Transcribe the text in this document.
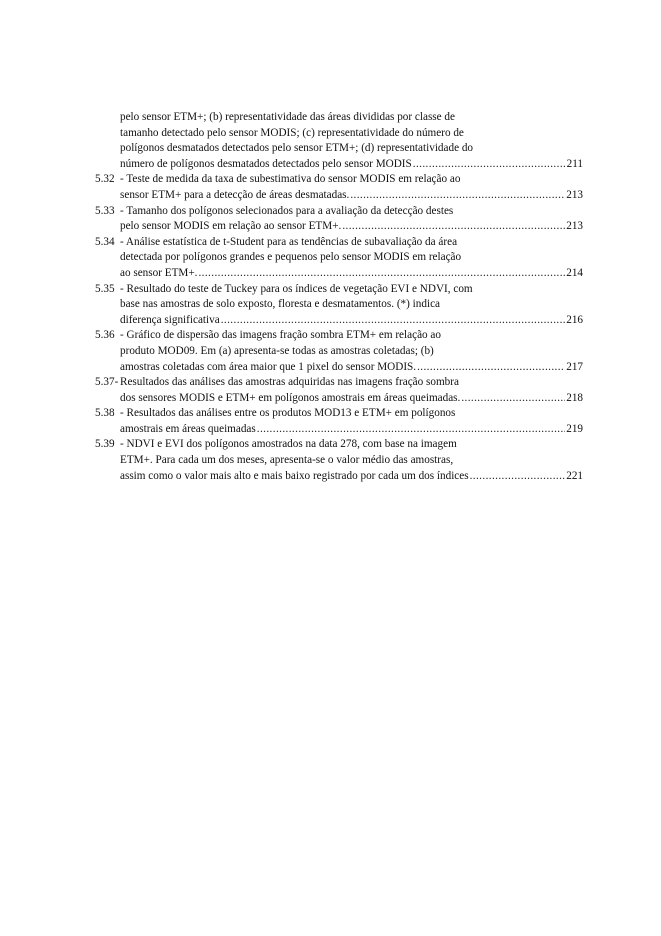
pelo sensor ETM+; (b) representatividade das áreas divididas por classe de
tamanho detectado pelo sensor MODIS; (c) representatividade do número de
polígonos desmatados detectados pelo sensor ETM+; (d) representatividade do
número de polígonos desmatados detectados pelo sensor MODIS .....	211
5.32 - Teste de medida da taxa de subestimativa do sensor MODIS em relação ao
sensor ETM+ para a detecção de áreas desmatadas. .....	213
5.33 - Tamanho dos polígonos selecionados para a avaliação da detecção destes
pelo sensor MODIS em relação ao sensor ETM+. .....	213
5.34 - Análise estatística de t-Student para as tendências de subavaliação da área
detectada por polígonos grandes e pequenos pelo sensor MODIS em relação
ao sensor ETM+. .....	214
5.35 - Resultado do teste de Tuckey para os índices de vegetação EVI e NDVI, com
base nas amostras de solo exposto, floresta e desmatamentos. (*) indica
diferença significativa .....	216
5.36 - Gráfico de dispersão das imagens fração sombra ETM+ em relação ao
produto MOD09. Em (a) apresenta-se todas as amostras coletadas; (b)
amostras coletadas com área maior que 1 pixel do sensor MODIS. .....	217
5.37- Resultados das análises das amostras adquiridas nas imagens fração sombra
dos sensores MODIS e ETM+ em polígonos amostrais em áreas queimadas. .....	218
5.38 - Resultados das análises entre os produtos MOD13 e ETM+ em polígonos
amostrais em áreas queimadas .....	219
5.39 - NDVI e EVI dos polígonos amostrados na data 278, com base na imagem
ETM+. Para cada um dos meses, apresenta-se o valor médio das amostras,
assim como o valor mais alto e mais baixo registrado por cada um dos índices .....	221
